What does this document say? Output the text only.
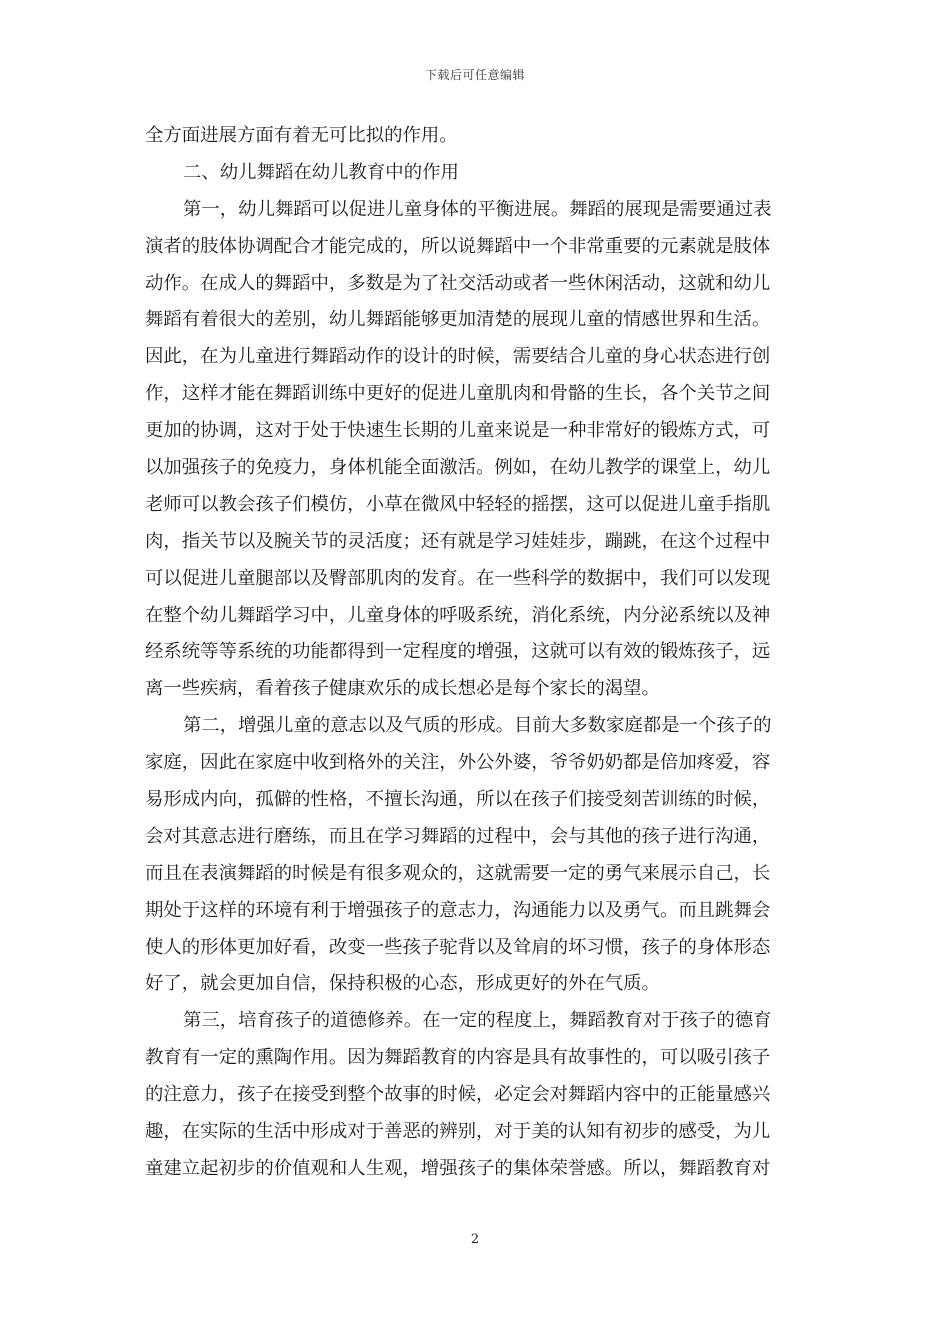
下载后可任意编辑
全方面进展方面有着无可比拟的作用。
二、幼儿舞蹈在幼儿教育中的作用
第一，幼儿舞蹈可以促进儿童身体的平衡进展。舞蹈的展现是需要通过表
演者的肢体协调配合才能完成的，所以说舞蹈中一个非常重要的元素就是肢体
动作。在成人的舞蹈中，多数是为了社交活动或者一些休闲活动，这就和幼儿
舞蹈有着很大的差别，幼儿舞蹈能够更加清楚的展现儿童的情感世界和生活。
因此，在为儿童进行舞蹈动作的设计的时候，需要结合儿童的身心状态进行创
作，这样才能在舞蹈训练中更好的促进儿童肌肉和骨骼的生长，各个关节之间
更加的协调，这对于处于快速生长期的儿童来说是一种非常好的锻炼方式，可
以加强孩子的免疫力，身体机能全面激活。例如，在幼儿教学的课堂上，幼儿
老师可以教会孩子们模仿，小草在微风中轻轻的摇摆，这可以促进儿童手指肌
肉，指关节以及腕关节的灵活度；还有就是学习娃娃步，蹦跳，在这个过程中
可以促进儿童腿部以及臀部肌肉的发育。在一些科学的数据中，我们可以发现
在整个幼儿舞蹈学习中，儿童身体的呼吸系统，消化系统，内分泌系统以及神
经系统等等系统的功能都得到一定程度的增强，这就可以有效的锻炼孩子，远
离一些疾病，看着孩子健康欢乐的成长想必是每个家长的渴望。
第二，增强儿童的意志以及气质的形成。目前大多数家庭都是一个孩子的
家庭，因此在家庭中收到格外的关注，外公外婆，爷爷奶奶都是倍加疼爱，容
易形成内向，孤僻的性格，不擅长沟通，所以在孩子们接受刻苦训练的时候，
会对其意志进行磨练，而且在学习舞蹈的过程中，会与其他的孩子进行沟通，
而且在表演舞蹈的时候是有很多观众的，这就需要一定的勇气来展示自己，长
期处于这样的环境有利于增强孩子的意志力，沟通能力以及勇气。而且跳舞会
使人的形体更加好看，改变一些孩子驼背以及耸肩的坏习惯，孩子的身体形态
好了，就会更加自信，保持积极的心态，形成更好的外在气质。
第三，培育孩子的道德修养。在一定的程度上，舞蹈教育对于孩子的德育
教育有一定的熏陶作用。因为舞蹈教育的内容是具有故事性的，可以吸引孩子
的注意力，孩子在接受到整个故事的时候，必定会对舞蹈内容中的正能量感兴
趣，在实际的生活中形成对于善恶的辨别，对于美的认知有初步的感受，为儿
童建立起初步的价值观和人生观，增强孩子的集体荣誉感。所以，舞蹈教育对
2
